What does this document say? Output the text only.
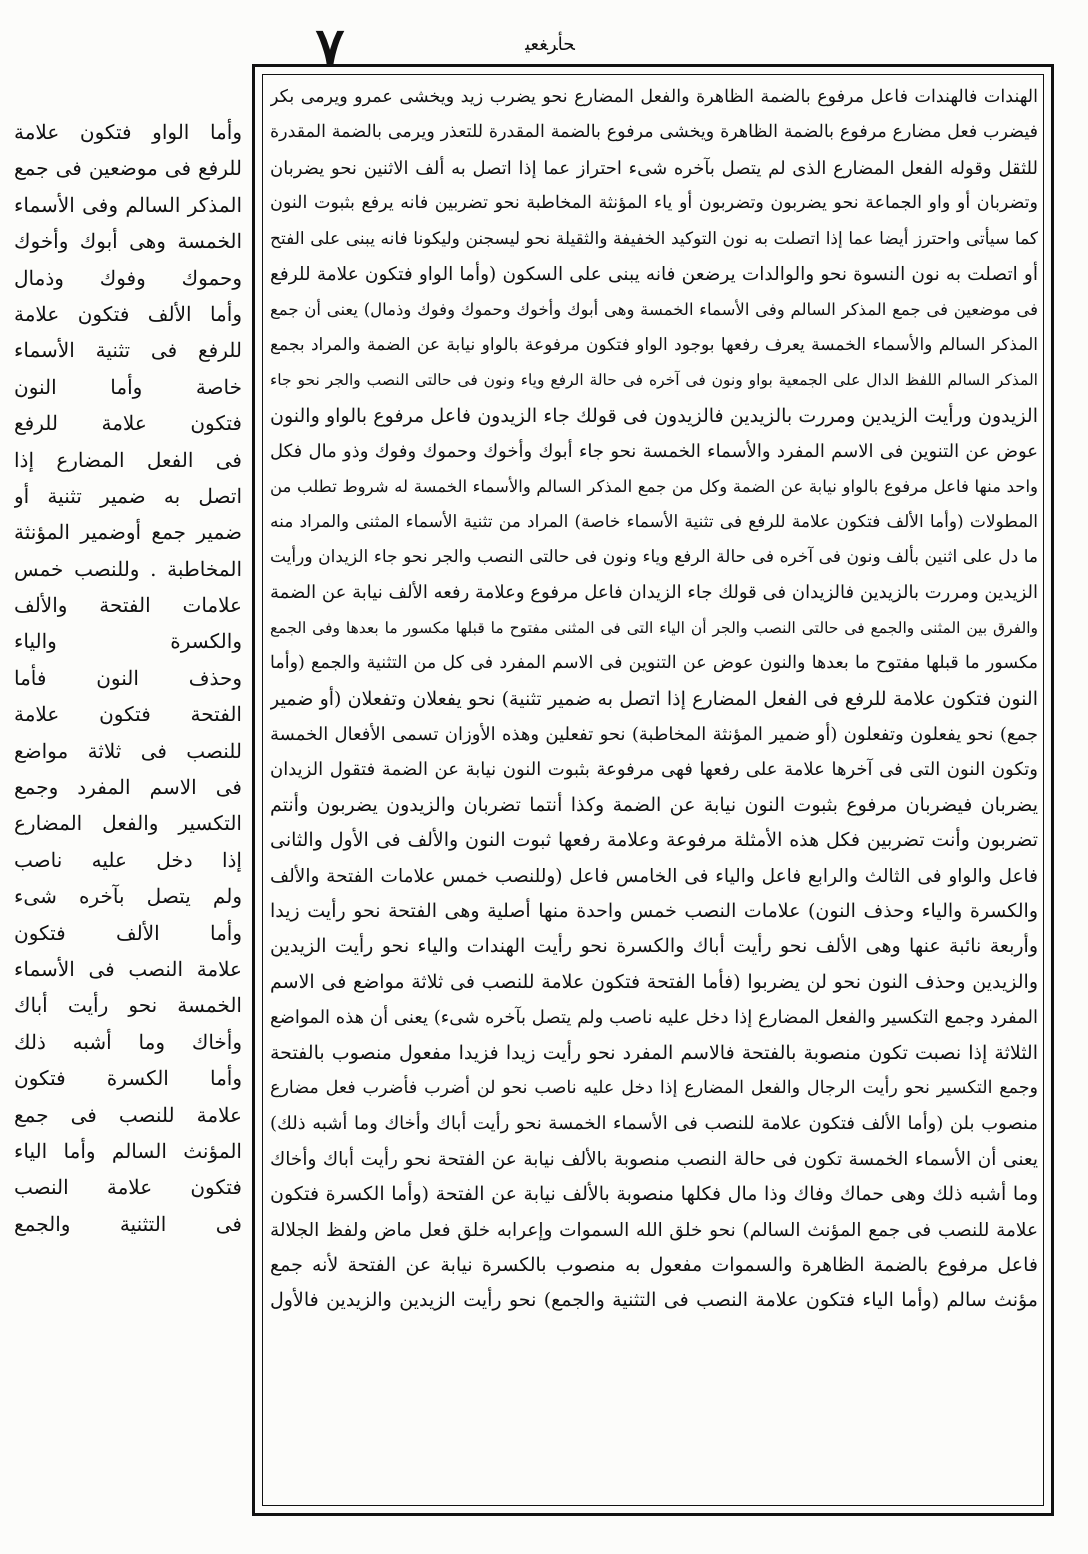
٧	ﺤﺄﺮﻐﻌﻴ
وأما الواو فتكون علامة
للرفع فى موضعين فى جمع
المذكر السالم وفى الأسماء
الخمسة وهى أبوك وأخوك
وحموك وفوك وذمال
وأما الألف فتكون علامة
للرفع فى تثنية الأسماء
خاصة وأما النون
فتكون علامة للرفع
فى الفعل المضارع إذا
اتصل به ضمير تثنية أو
ضمير جمع أوضمير المؤنثة
المخاطبة . وللنصب خمس
علامات الفتحة والألف
والكسرة والياء
وحذف النون فأما
الفتحة فتكون علامة
للنصب فى ثلاثة مواضع
فى الاسم المفرد وجمع
التكسير والفعل المضارع
إذا دخل عليه ناصب
ولم يتصل بآخره شىء
وأما الألف فتكون
علامة النصب فى الأسماء
الخمسة نحو رأيت أباك
وأخاك وما أشبه ذلك
وأما الكسرة فتكون
علامة للنصب فى جمع
المؤنث السالم وأما الياء
فتكون علامة النصب
فى التثنية والجمع
الهندات فالهندات فاعل مرفوع بالضمة الظاهرة والفعل المضارع نحو يضرب زيد ويخشى عمرو ويرمى بكر
فيضرب فعل مضارع مرفوع بالضمة الظاهرة ويخشى مرفوع بالضمة المقدرة للتعذر ويرمى بالضمة المقدرة
للثقل وقوله الفعل المضارع الذى لم يتصل بآخره شىء احتراز عما إذا اتصل به ألف الاثنين نحو يضربان
وتضربان أو واو الجماعة نحو يضربون وتضربون أو ياء المؤنثة المخاطبة نحو تضربين فانه يرفع بثبوت النون
كما سيأتى واحترز أيضا عما إذا اتصلت به نون التوكيد الخفيفة والثقيلة نحو ليسجنن وليكونا فانه يبنى على الفتح
أو اتصلت به نون النسوة نحو والوالدات يرضعن فانه يبنى على السكون (وأما الواو فتكون علامة للرفع
فى موضعين فى جمع المذكر السالم وفى الأسماء الخمسة وهى أبوك وأخوك وحموك وفوك وذمال) يعنى أن جمع
المذكر السالم والأسماء الخمسة يعرف رفعها بوجود الواو فتكون مرفوعة بالواو نيابة عن الضمة والمراد بجمع
المذكر السالم اللفظ الدال على الجمعية بواو ونون فى آخره فى حالة الرفع وياء ونون فى حالتى النصب والجر نحو جاء
الزيدون ورأيت الزيدين ومررت بالزيدين فالزيدون فى قولك جاء الزيدون فاعل مرفوع بالواو والنون
عوض عن التنوين فى الاسم المفرد والأسماء الخمسة نحو جاء أبوك وأخوك وحموك وفوك وذو مال فكل
واحد منها فاعل مرفوع بالواو نيابة عن الضمة وكل من جمع المذكر السالم والأسماء الخمسة له شروط تطلب من
المطولات (وأما الألف فتكون علامة للرفع فى تثنية الأسماء خاصة) المراد من تثنية الأسماء المثنى والمراد منه
ما دل على اثنين بألف ونون فى آخره فى حالة الرفع وياء ونون فى حالتى النصب والجر نحو جاء الزيدان ورأيت
الزيدين ومررت بالزيدين فالزيدان فى قولك جاء الزيدان فاعل مرفوع وعلامة رفعه الألف نيابة عن الضمة
والفرق بين المثنى والجمع فى حالتى النصب والجر أن الياء التى فى المثنى مفتوح ما قبلها مكسور ما بعدها وفى الجمع
مكسور ما قبلها مفتوح ما بعدها والنون عوض عن التنوين فى الاسم المفرد فى كل من التثنية والجمع (وأما
النون فتكون علامة للرفع فى الفعل المضارع إذا اتصل به ضمير تثنية) نحو يفعلان وتفعلان (أو ضمير
جمع) نحو يفعلون وتفعلون (أو ضمير المؤنثة المخاطبة) نحو تفعلين وهذه الأوزان تسمى الأفعال الخمسة
وتكون النون التى فى آخرها علامة على رفعها فهى مرفوعة بثبوت النون نيابة عن الضمة فتقول الزيدان
يضربان فيضربان مرفوع بثبوت النون نيابة عن الضمة وكذا أنتما تضربان والزيدون يضربون وأنتم
تضربون وأنت تضربين فكل هذه الأمثلة مرفوعة وعلامة رفعها ثبوت النون والألف فى الأول والثانى
فاعل والواو فى الثالث والرابع فاعل والياء فى الخامس فاعل (وللنصب خمس علامات الفتحة والألف
والكسرة والياء وحذف النون) علامات النصب خمس واحدة منها أصلية وهى الفتحة نحو رأيت زيدا
وأربعة نائبة عنها وهى الألف نحو رأيت أباك والكسرة نحو رأيت الهندات والياء نحو رأيت الزيدين
والزيدين وحذف النون نحو لن يضربوا (فأما الفتحة فتكون علامة للنصب فى ثلاثة مواضع فى الاسم
المفرد وجمع التكسير والفعل المضارع إذا دخل عليه ناصب ولم يتصل بآخره شىء) يعنى أن هذه المواضع
الثلاثة إذا نصبت تكون منصوبة بالفتحة فالاسم المفرد نحو رأيت زيدا فزيدا مفعول منصوب بالفتحة
وجمع التكسير نحو رأيت الرجال والفعل المضارع إذا دخل عليه ناصب نحو لن أضرب فأضرب فعل مضارع
منصوب بلن (وأما الألف فتكون علامة للنصب فى الأسماء الخمسة نحو رأيت أباك وأخاك وما أشبه ذلك)
يعنى أن الأسماء الخمسة تكون فى حالة النصب منصوبة بالألف نيابة عن الفتحة نحو رأيت أباك وأخاك
وما أشبه ذلك وهى حماك وفاك وذا مال فكلها منصوبة بالألف نيابة عن الفتحة (وأما الكسرة فتكون
علامة للنصب فى جمع المؤنث السالم) نحو خلق الله السموات وإعرابه خلق فعل ماض ولفظ الجلالة
فاعل مرفوع بالضمة الظاهرة والسموات مفعول به منصوب بالكسرة نيابة عن الفتحة لأنه جمع
مؤنث سالم (وأما الياء فتكون علامة النصب فى التثنية والجمع) نحو رأيت الزيدين والزيدين فالأول
